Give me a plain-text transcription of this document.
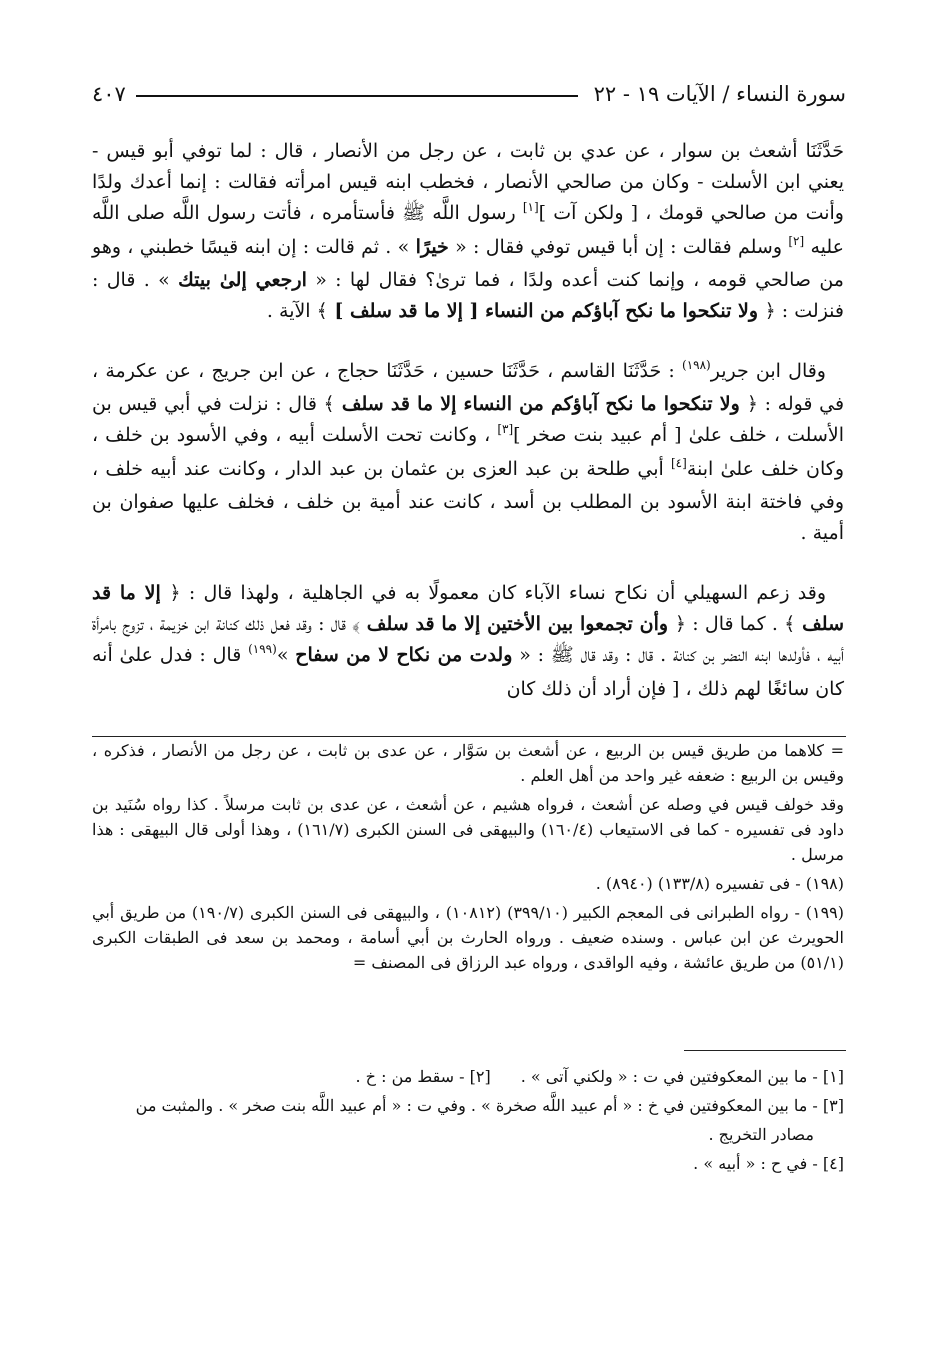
سورة النساء / الآيات ١٩ - ٢٢
٤٠٧
حَدَّثَنَا أشعث بن سوار ، عن عدي بن ثابت ، عن رجل من الأنصار ، قال : لما توفي أبو قيس - يعني ابن الأسلت - وكان من صالحي الأنصار ، فخطب ابنه قيس امرأته فقالت : إنما أعدك ولدًا وأنت من صالحي قومك ، [ ولكن آت ][١] رسول اللَّه ﷺ فأستأمره ، فأتت رسول اللَّه صلى اللَّه عليه [٢] وسلم فقالت : إن أبا قيس توفي فقال : « خيرًا » . ثم قالت : إن ابنه قيسًا خطبني ، وهو من صالحي قومه ، وإنما كنت أعده ولدًا ، فما ترىٰ؟ فقال لها : « ارجعي إلىٰ بيتك » . قال : فنزلت : ﴿ ولا تنكحوا ما نكح آباؤكم من النساء [ إلا ما قد سلف ] ﴾ الآية .
وقال ابن جرير$^{(١٩٨)}$ : حَدَّثَنَا القاسم ، حَدَّثَنَا حسين ، حَدَّثَنَا حجاج ، عن ابن جريج ، عن عكرمة ، في قوله : ﴿ ولا تنكحوا ما نكح آباؤكم من النساء إلا ما قد سلف ﴾ قال : نزلت في أبي قيس بن الأسلت ، خلف علىٰ [ أم عبيد بنت صخر ][٣] ، وكانت تحت الأسلت أبيه ، وفي الأسود بن خلف ، وكان خلف علىٰ ابنة[٤] أبي طلحة بن عبد العزى بن عثمان بن عبد الدار ، وكانت عند أبيه خلف ، وفي فاختة ابنة الأسود بن المطلب بن أسد ، كانت عند أمية بن خلف ، فخلف عليها صفوان بن أمية .
وقد زعم السهيلي أن نكاح نساء الآباء كان معمولًا به في الجاهلية ، ولهذا قال : ﴿ إلا ما قد سلف ﴾ . كما قال : ﴿ وأن تجمعوا بين الأختين إلا ما قد سلف ﴾ قال : وقد فعل ذلك كنانة ابن خزيمة ، تزوج بامرأة أبيه ، فأولدها ابنه النضر بن كنانة . قال : وقد قال ﷺ : « ولدت من نكاح لا من سفاح »$^{(١٩٩)}$ قال : فدل علىٰ أنه كان سائغًا لهم ذلك ، [ فإن أراد أن ذلك كان
= كلاهما من طريق قيس بن الربيع ، عن أشعث بن سَوَّار ، عن عدى بن ثابت ، عن رجل من الأنصار ، فذكره ، وقيس بن الربيع : ضعفه غير واحد من أهل العلم .
وقد خولف قيس في وصله عن أشعث ، فرواه هشيم ، عن أشعث ، عن عدى بن ثابت مرسلاً . كذا رواه سُنَيد بن داود فى تفسيره - كما فى الاستيعاب (١٦٠/٤) والبيهقى فى السنن الكبرى (١٦١/٧) ، وهذا أولى قال البيهقى : هذا مرسل .
(١٩٨) - فى تفسيره (١٣٣/٨) (٨٩٤٠) .
(١٩٩) - رواه الطبرانى فى المعجم الكبير (٣٩٩/١٠) (١٠٨١٢) ، والبيهقى فى السنن الكبرى (١٩٠/٧) من طريق أبي الحويرث عن ابن عباس . وسنده ضعيف . ورواه الحارث بن أبي أسامة ، ومحمد بن سعد فى الطبقات الكبرى (٥١/١) من طريق عائشة ، وفيه الواقدى ، ورواه عبد الرزاق فى المصنف =
[١] - ما بين المعكوفتين في ت : « ولكني آتى » .[٢] - سقط من : خ .
[٣] - ما بين المعكوفتين في خ : « أم عبيد اللَّه صخرة » . وفي ت : « أم عبيد اللَّه بنت صخر » . والمثبت من
مصادر التخريج .
[٤] - في ح : « أبيه » .
